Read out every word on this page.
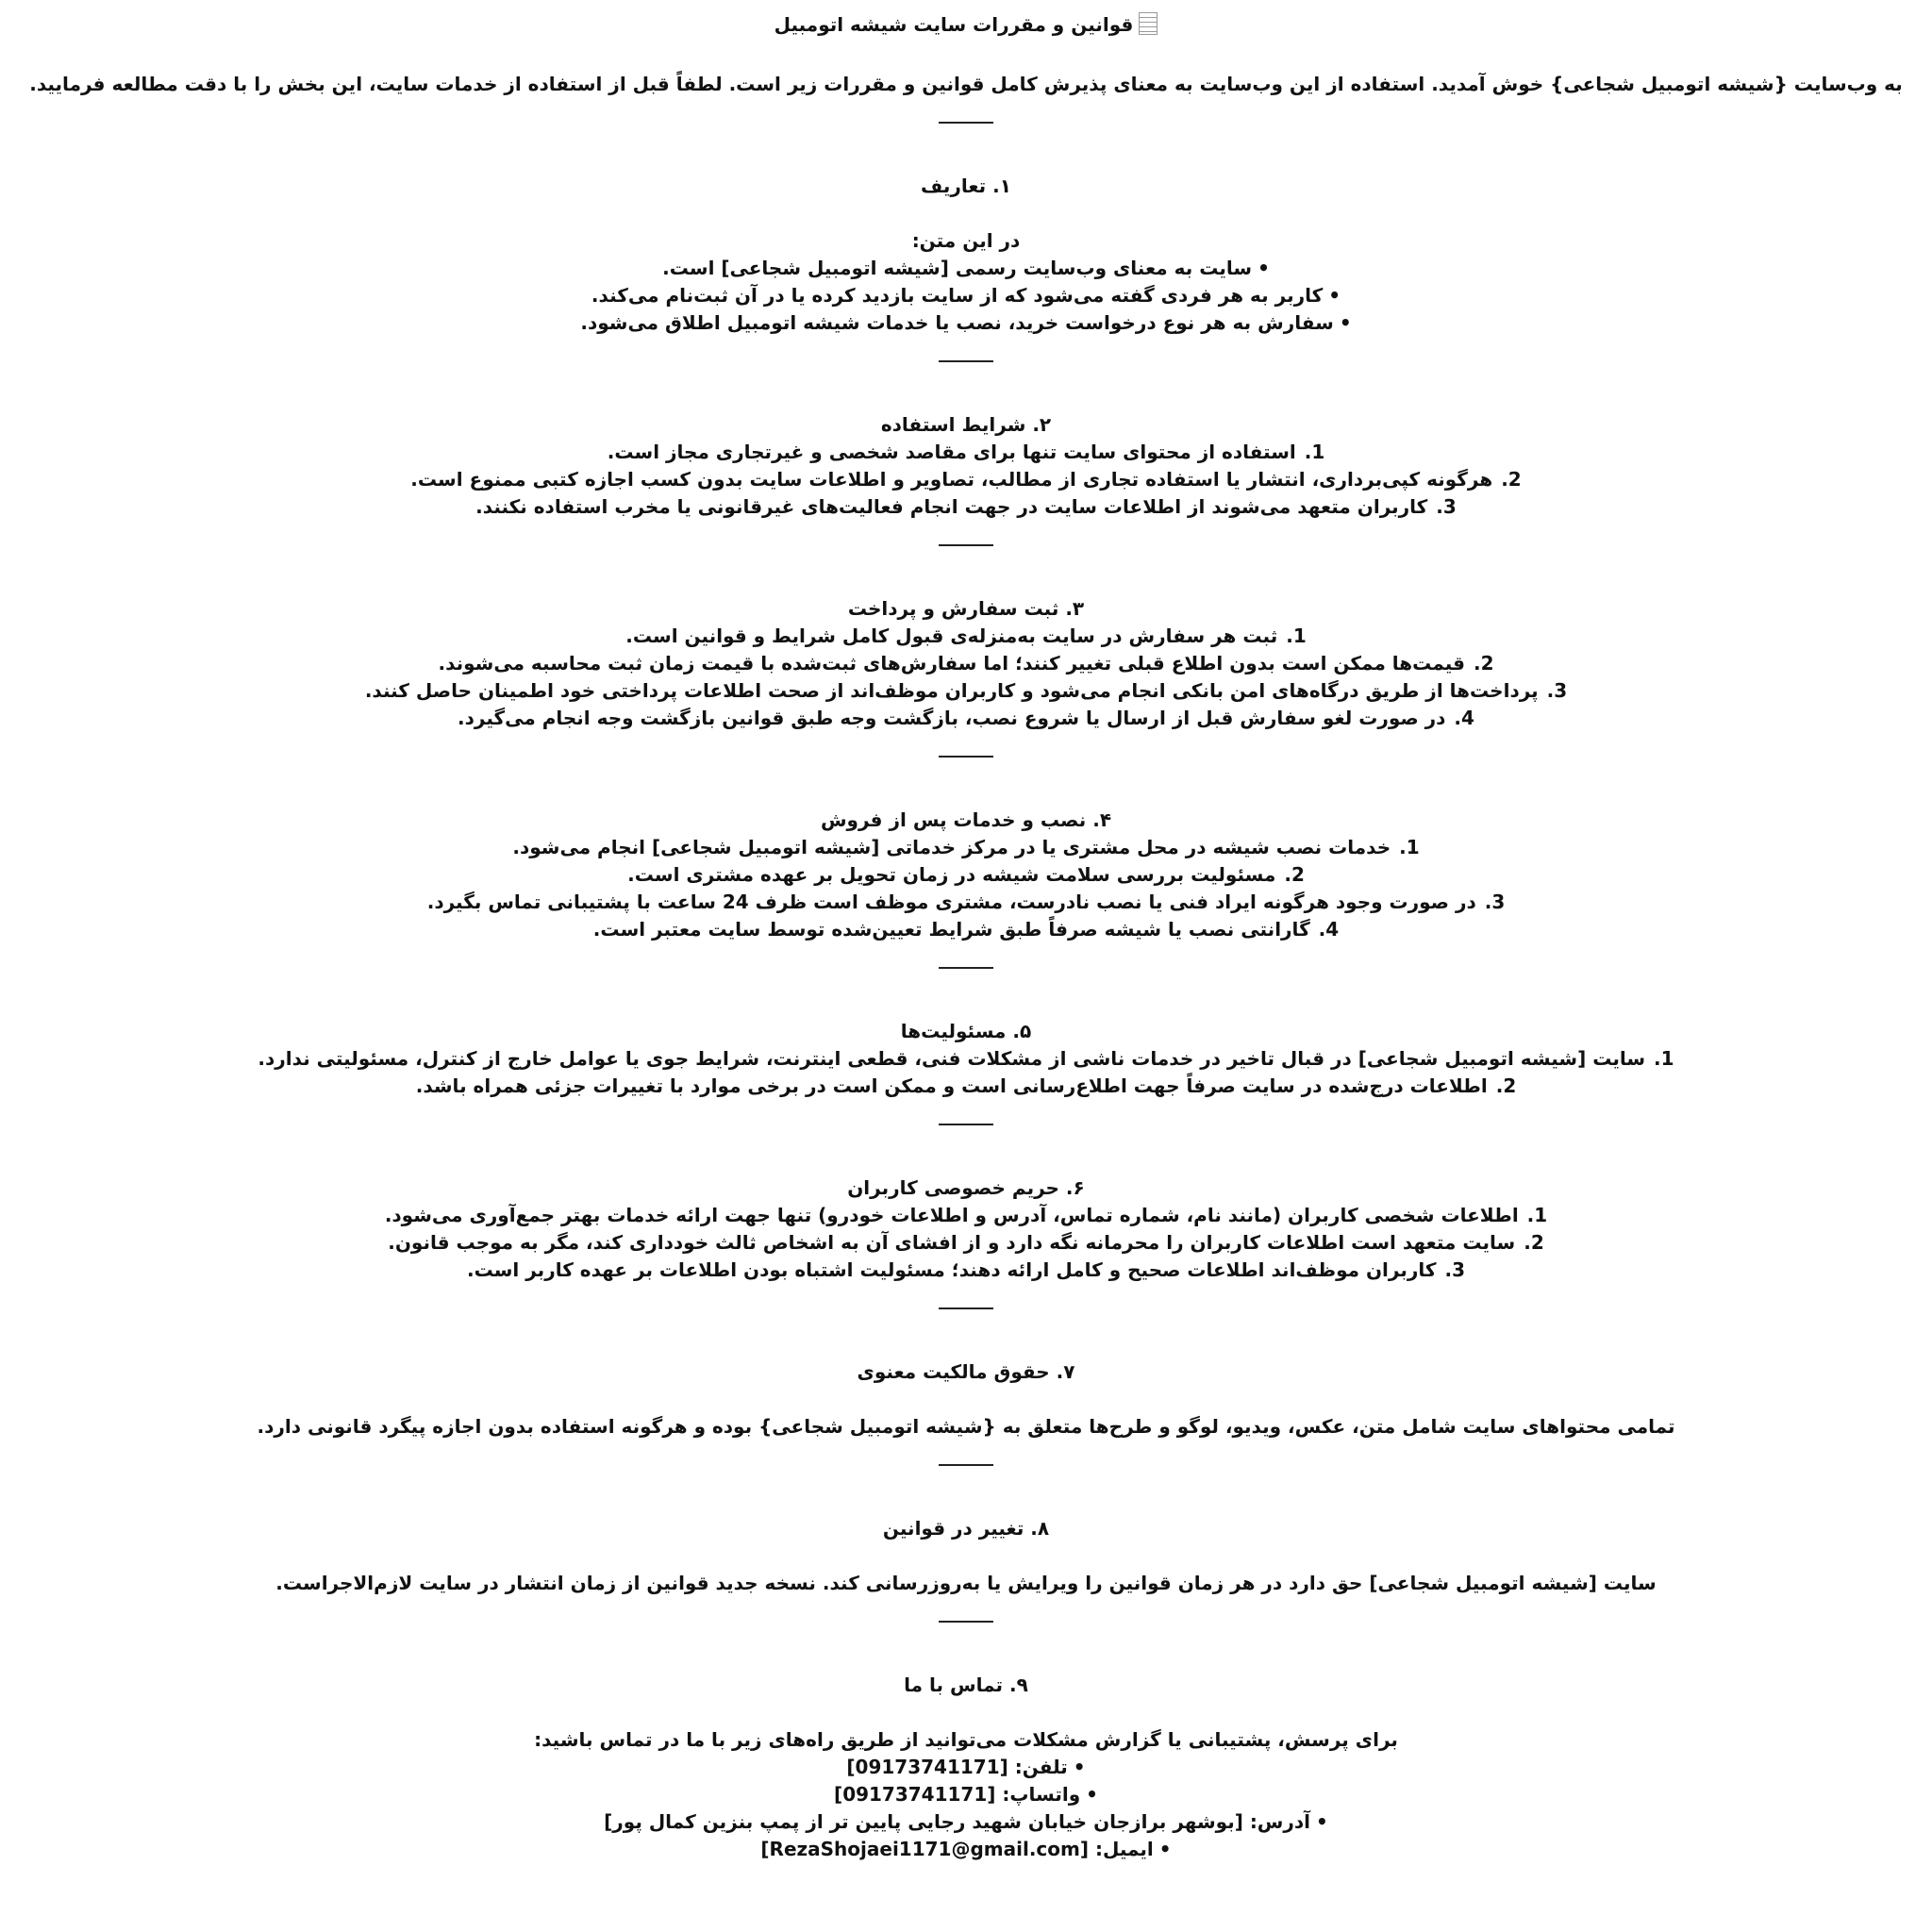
قوانین و مقررات سایت شیشه اتومبیل
به وب‌سایت {شیشه اتومبیل شجاعی} خوش آمدید. استفاده از این وب‌سایت به معنای پذیرش کامل قوانین و مقررات زیر است. لطفاً قبل از استفاده از خدمات سایت، این بخش را با دقت مطالعه فرمایید.
۱. تعاریف
در این متن:
•سایت به معنای وب‌سایت رسمی [شیشه اتومبیل شجاعی] است.
•کاربر به هر فردی گفته می‌شود که از سایت بازدید کرده یا در آن ثبت‌نام می‌کند.
•سفارش به هر نوع درخواست خرید، نصب یا خدمات شیشه اتومبیل اطلاق می‌شود.
۲. شرایط استفاده
1. استفاده از محتوای سایت تنها برای مقاصد شخصی و غیرتجاری مجاز است.
2. هرگونه کپی‌برداری، انتشار یا استفاده تجاری از مطالب، تصاویر و اطلاعات سایت بدون کسب اجازه کتبی ممنوع است.
3. کاربران متعهد می‌شوند از اطلاعات سایت در جهت انجام فعالیت‌های غیرقانونی یا مخرب استفاده نکنند.
۳. ثبت سفارش و پرداخت
1. ثبت هر سفارش در سایت به‌منزله‌ی قبول کامل شرایط و قوانین است.
2. قیمت‌ها ممکن است بدون اطلاع قبلی تغییر کنند؛ اما سفارش‌های ثبت‌شده با قیمت زمان ثبت محاسبه می‌شوند.
3. پرداخت‌ها از طریق درگاه‌های امن بانکی انجام می‌شود و کاربران موظف‌اند از صحت اطلاعات پرداختی خود اطمینان حاصل کنند.
4. در صورت لغو سفارش قبل از ارسال یا شروع نصب، بازگشت وجه طبق قوانین بازگشت وجه انجام می‌گیرد.
۴. نصب و خدمات پس از فروش
1. خدمات نصب شیشه در محل مشتری یا در مرکز خدماتی [شیشه اتومبیل شجاعی] انجام می‌شود.
2. مسئولیت بررسی سلامت شیشه در زمان تحویل بر عهده مشتری است.
3. در صورت وجود هرگونه ایراد فنی یا نصب نادرست، مشتری موظف است ظرف 24 ساعت با پشتیبانی تماس بگیرد.
4. گارانتی نصب یا شیشه صرفاً طبق شرایط تعیین‌شده توسط سایت معتبر است.
۵. مسئولیت‌ها
1. سایت [شیشه اتومبیل شجاعی] در قبال تاخیر در خدمات ناشی از مشکلات فنی، قطعی اینترنت، شرایط جوی یا عوامل خارج از کنترل، مسئولیتی ندارد.
2. اطلاعات درج‌شده در سایت صرفاً جهت اطلاع‌رسانی است و ممکن است در برخی موارد با تغییرات جزئی همراه باشد.
۶. حریم خصوصی کاربران
1. اطلاعات شخصی کاربران (مانند نام، شماره تماس، آدرس و اطلاعات خودرو) تنها جهت ارائه خدمات بهتر جمع‌آوری می‌شود.
2. سایت متعهد است اطلاعات کاربران را محرمانه نگه دارد و از افشای آن به اشخاص ثالث خودداری کند، مگر به موجب قانون.
3. کاربران موظف‌اند اطلاعات صحیح و کامل ارائه دهند؛ مسئولیت اشتباه بودن اطلاعات بر عهده کاربر است.
۷. حقوق مالکیت معنوی
تمامی محتواهای سایت شامل متن، عکس، ویدیو، لوگو و طرح‌ها متعلق به {شیشه اتومبیل شجاعی} بوده و هرگونه استفاده بدون اجازه پیگرد قانونی دارد.
۸. تغییر در قوانین
سایت [شیشه اتومبیل شجاعی] حق دارد در هر زمان قوانین را ویرایش یا به‌روزرسانی کند. نسخه جدید قوانین از زمان انتشار در سایت لازم‌الاجراست.
۹. تماس با ما
برای پرسش، پشتیبانی یا گزارش مشکلات می‌توانید از طریق راه‌های زیر با ما در تماس باشید:
•تلفن: [09173741171]
•واتساپ: [09173741171]
•آدرس: [بوشهر برازجان خیابان شهید رجایی پایین تر از پمپ بنزین کمال پور]
•ایمیل: [RezaShojaei1171@gmail.com]
